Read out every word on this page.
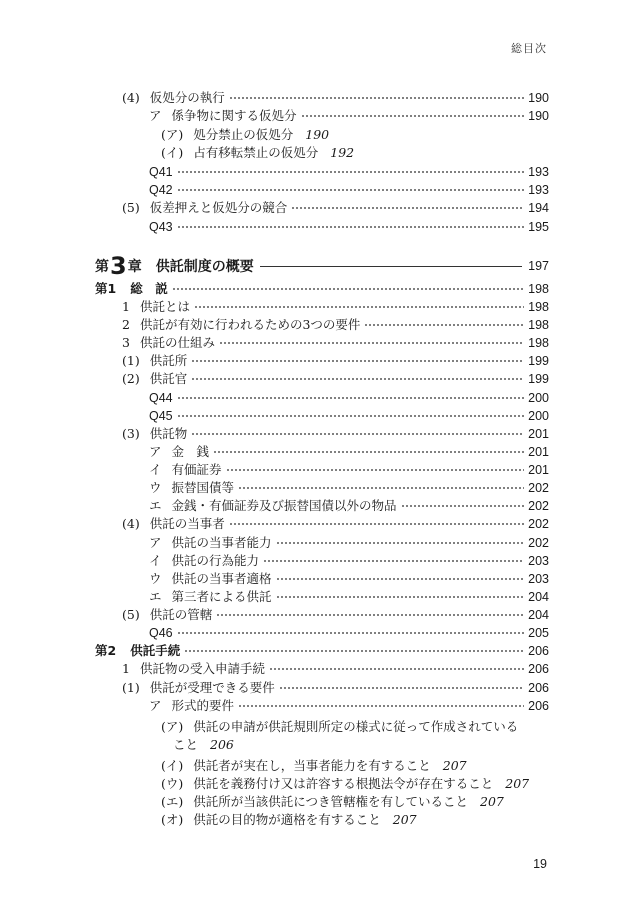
総目次
(4) 仮処分の執行	190
ア 係争物に関する仮処分	190
(ア) 処分禁止の仮処分 190
(イ) 占有移転禁止の仮処分 192
Q41	193
Q42	193
(5) 仮差押えと仮処分の競合	194
Q43	195
第 3 章 供託制度の概要	197
第1 総　説	198
1 供託とは	198
2 供託が有効に行われるための3つの要件	198
3 供託の仕組み	198
(1) 供託所	199
(2) 供託官	199
Q44	200
Q45	200
(3) 供託物	201
ア 金　銭	201
イ 有価証券	201
ウ 振替国債等	202
エ 金銭・有価証券及び振替国債以外の物品	202
(4) 供託の当事者	202
ア 供託の当事者能力	202
イ 供託の行為能力	203
ウ 供託の当事者適格	203
エ 第三者による供託	204
(5) 供託の管轄	204
Q46	205
第2 供託手続	206
1 供託物の受入申請手続	206
(1) 供託が受理できる要件	206
ア 形式的要件	206
(ア) 供託の申請が供託規則所定の様式に従って作成されている
こと 206
(イ) 供託者が実在し，当事者能力を有すること 207
(ウ) 供託を義務付け又は許容する根拠法令が存在すること 207
(エ) 供託所が当該供託につき管轄権を有していること 207
(オ) 供託の目的物が適格を有すること 207
19
